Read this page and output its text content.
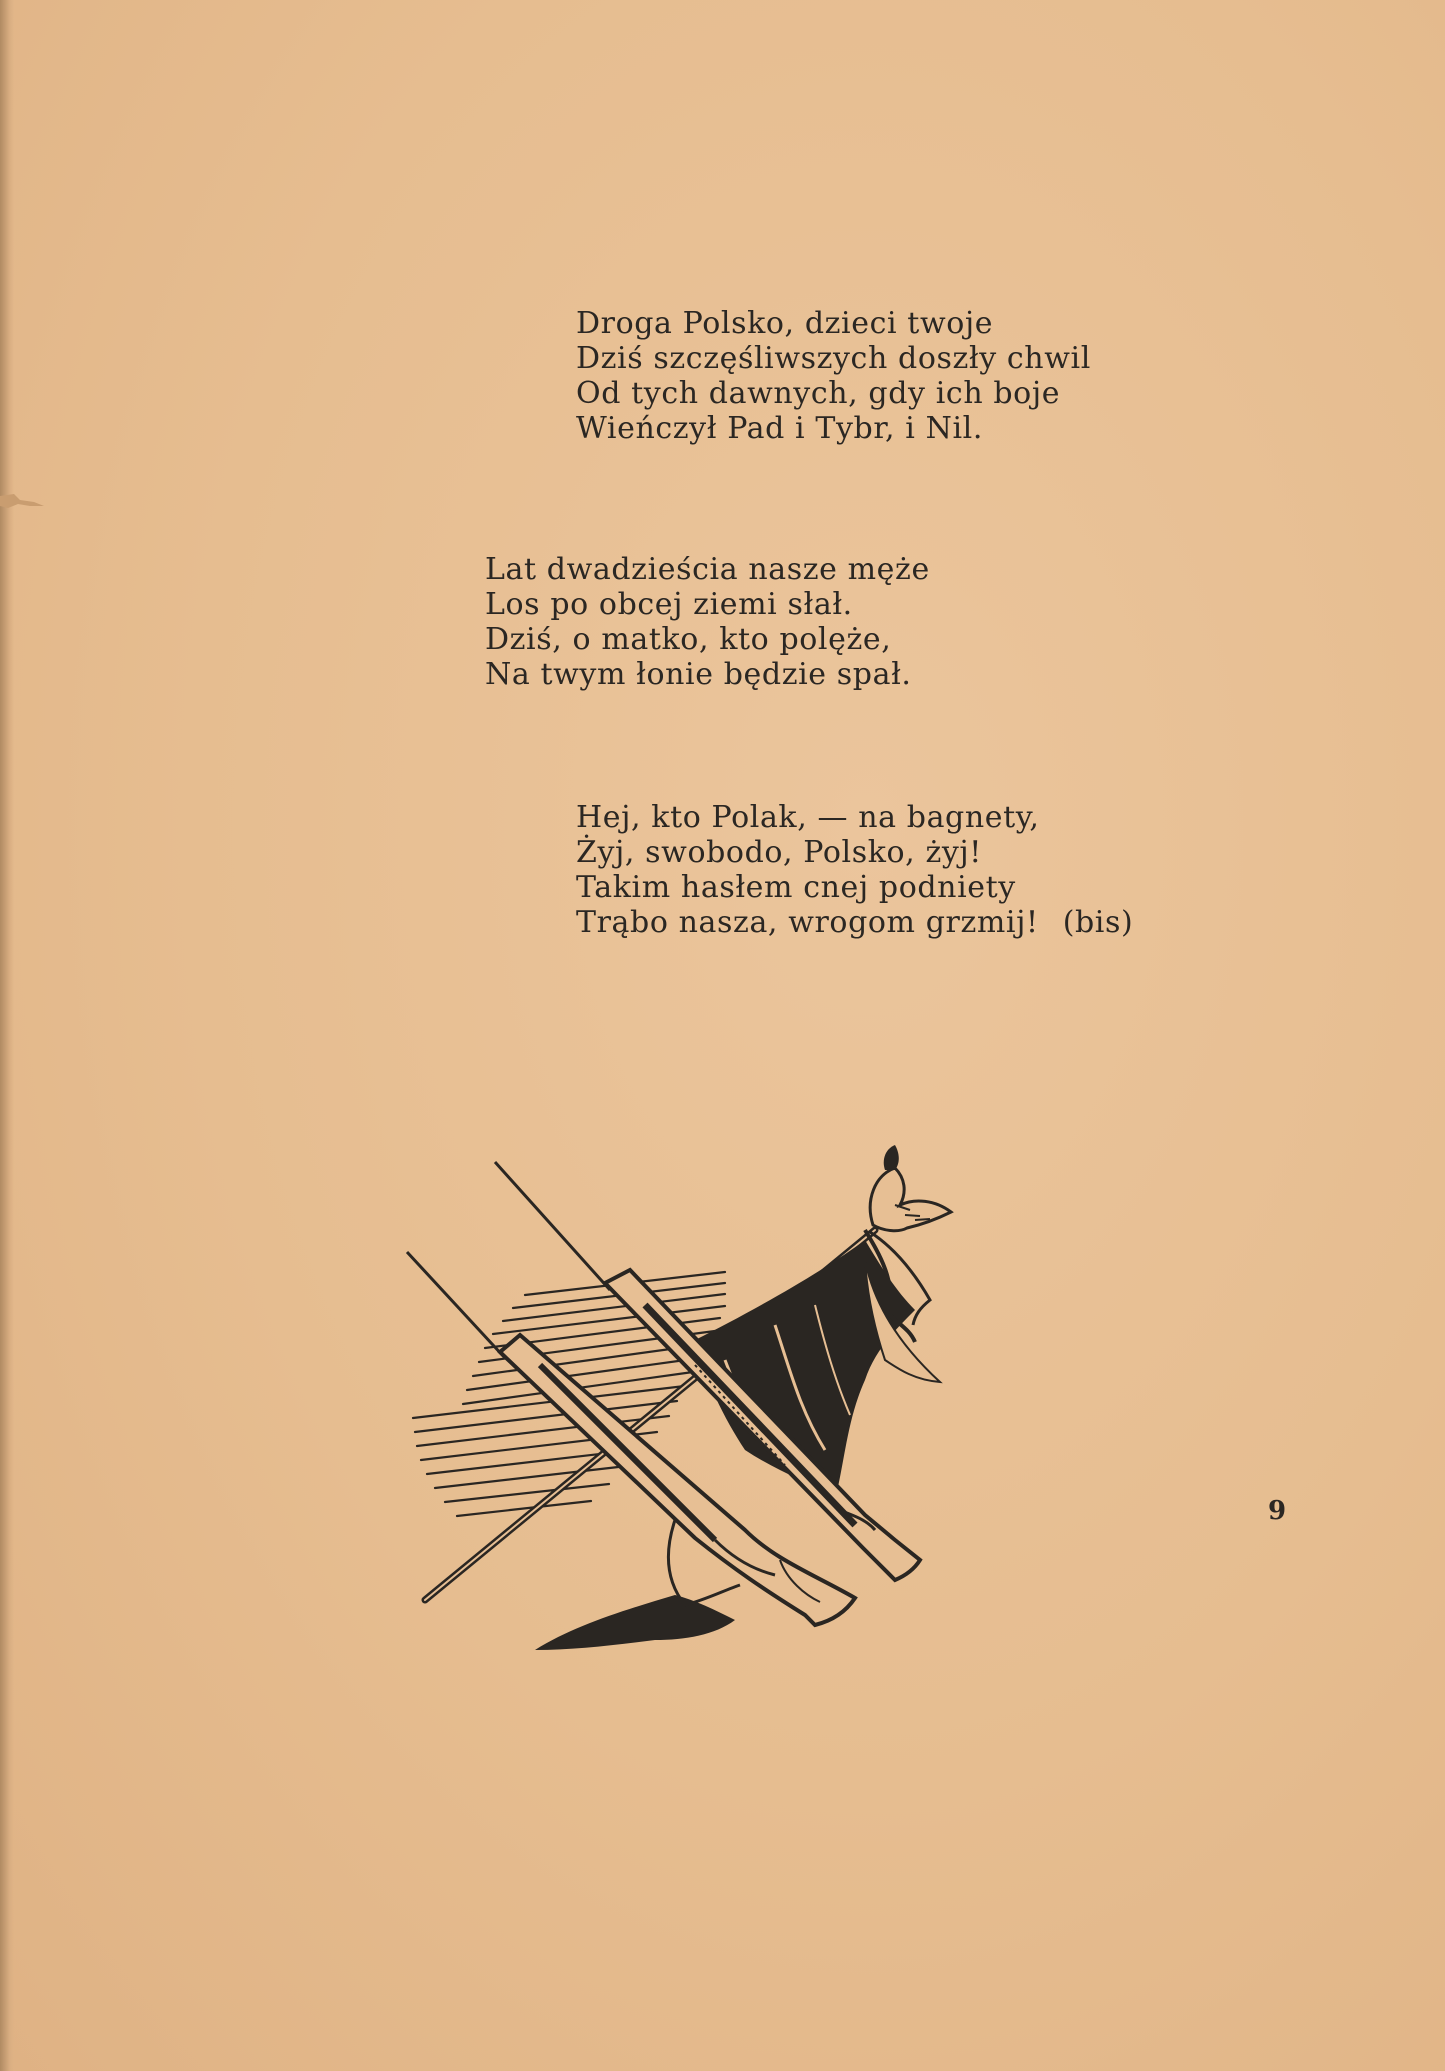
Droga Polsko, dzieci twoje
Dziś szczęśliwszych doszły chwil
Od tych dawnych, gdy ich boje
Wieńczył Pad i Tybr, i Nil.

Lat dwadzieścia nasze męże
Los po obcej ziemi słał.
Dziś, o matko, kto polęże,
Na twym łonie będzie spał.

Hej, kto Polak, — na bagnety,
Żyj, swobodo, Polsko, żyj!
Takim hasłem cnej podniety
Trąbo nasza, wrogom grzmij! (bis)

9
